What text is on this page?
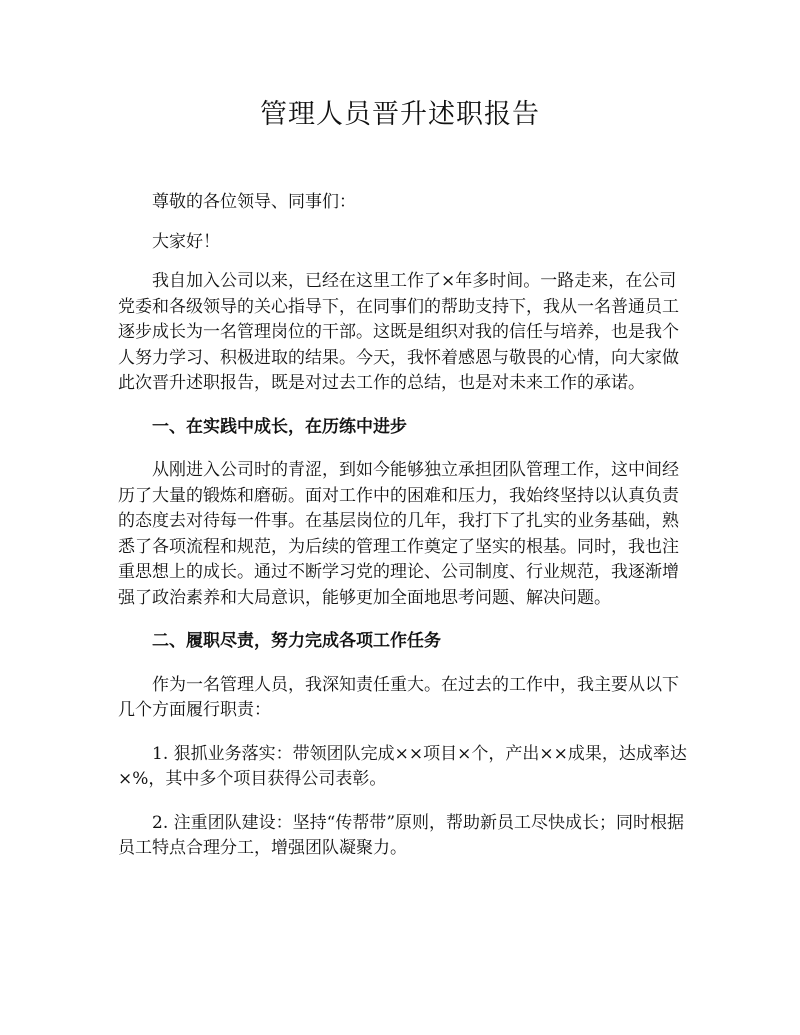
管理人员晋升述职报告

尊敬的各位领导、同事们：

大家好！

我自加入公司以来，已经在这里工作了×年多时间。一路走来，在公司党委和各级领导的关心指导下，在同事们的帮助支持下，我从一名普通员工逐步成长为一名管理岗位的干部。这既是组织对我的信任与培养，也是我个人努力学习、积极进取的结果。今天，我怀着感恩与敬畏的心情，向大家做此次晋升述职报告，既是对过去工作的总结，也是对未来工作的承诺。

一、在实践中成长，在历练中进步

从刚进入公司时的青涩，到如今能够独立承担团队管理工作，这中间经历了大量的锻炼和磨砺。面对工作中的困难和压力，我始终坚持以认真负责的态度去对待每一件事。在基层岗位的几年，我打下了扎实的业务基础，熟悉了各项流程和规范，为后续的管理工作奠定了坚实的根基。同时，我也注重思想上的成长。通过不断学习党的理论、公司制度、行业规范，我逐渐增强了政治素养和大局意识，能够更加全面地思考问题、解决问题。

二、履职尽责，努力完成各项工作任务

作为一名管理人员，我深知责任重大。在过去的工作中，我主要从以下几个方面履行职责：

1. 狠抓业务落实：带领团队完成××项目×个，产出××成果，达成率达×%，其中多个项目获得公司表彰。

2. 注重团队建设：坚持“传帮带”原则，帮助新员工尽快成长；同时根据员工特点合理分工，增强团队凝聚力。
